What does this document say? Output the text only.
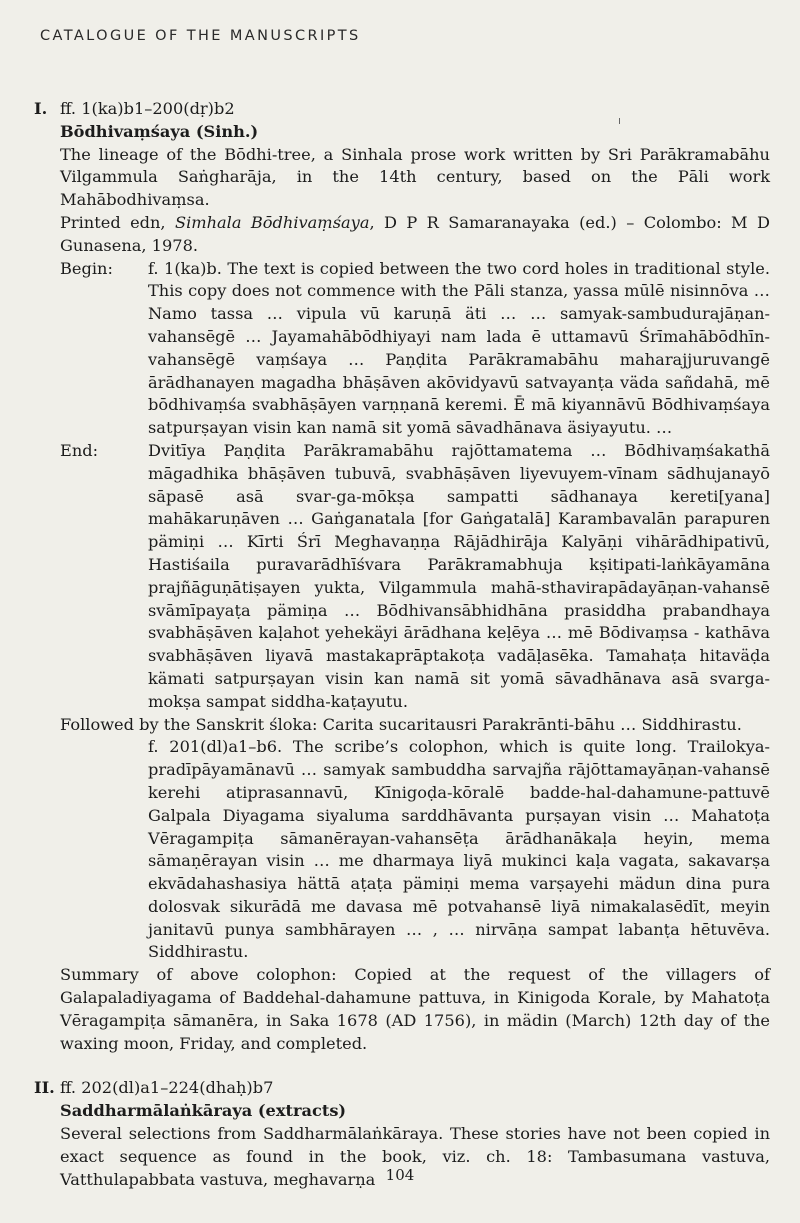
CATALOGUE OF THE MANUSCRIPTS

I. ff. 1(ka)b1–200(dṛ)b2

Bōdhivaṃśaya (Sinh.)

The lineage of the Bōdhi-tree, a Sinhala prose work written by Sri Parākramabāhu Vilgammula Saṅgharāja, in the 14th century, based on the Pāli work Mahābodhivaṃsa.

Printed edn, Simhala Bōdhivaṃśaya, D P R Samaranayaka (ed.) – Colombo: M D Gunasena, 1978.

Begin:	f. 1(ka)b. The text is copied between the two cord holes in traditional style. This copy does not commence with the Pāli stanza, yassa mūlē nisinnōva … Namo tassa … vipula vū karuṇā äti … … samyak-sambudurajāṇan-vahansēgē … Jayamahābōdhiyayi nam lada ē uttamavū Śrīmahābōdhīn-vahansēgē vaṃśaya … Paṇḍita Parākramabāhu maharajjuruvangē ārādhanayen magadha bhāṣāven akōvidyavū satvayanṭa väda sañdahā, mē bōdhivaṃśa svabhāṣāyen varṇṇanā keremi. Ē mā kiyannāvū Bōdhivaṃśaya satpurṣayan visin kan namā sit yomā sāvadhānava äsiyayutu. …
End:	Dvitīya Paṇḍita Parākramabāhu rajōttamatema … Bōdhivaṃśakathā māgadhika bhāṣāven tubuvā, svabhāṣāven liyevuyem-vīnam sādhujanayō sāpasē asā svar-ga-mōkṣa sampatti sādhanaya kereti[yana] mahākaruṇāven … Gaṅganatala [for Gaṅgatalā] Karambavalān parapuren pämiṇi … Kīrti Śrī Meghavaṇṇa Rājādhirāja Kalyāṇi vihārādhipativū, Hastiśaila puravarādhīśvara Parākramabhuja kṣitipati-laṅkāyamāna prajñāguṇātiṣayen yukta, Vilgammula mahā-sthavirapādayāṇan-vahansē svāmīpayaṭa pämiṇa … Bōdhivansābhidhāna prasiddha prabandhaya svabhāṣāven kaḷahot yehekäyi ārādhana keḷēya … mē Bōdivaṃsa - kathāva svabhāṣāven liyavā mastakaprāptakoṭa vadāḷasēka. Tamahaṭa hitaväḍa kämati satpurṣayan visin kan namā sit yomā sāvadhānava asā svarga-mokṣa sampat siddha-kaṭayutu.

Followed by the Sanskrit śloka: Carita sucaritausri Parakrānti-bāhu … Siddhirastu.

f. 201(dl)a1–b6. The scribe’s colophon, which is quite long. Trailokya-pradīpāyamānavū … samyak sambuddha sarvajña rājōttamayāṇan-vahansē kerehi atiprasannavū, Kīnigoḍa-kōralē badde-hal-dahamune-pattuvē Galpala Diyagama siyaluma sarddhāvanta purṣayan visin … Mahatoṭa Vēragampiṭa sāmanērayan-vahansēṭa ārādhanākaḷa heyin, mema sāmaṇērayan visin … me dharmaya liyā mukinci kaḷa vagata, sakavarṣa ekvādahashasiya hättā aṭaṭa pämiṇi mema varṣayehi mädun dina pura dolosvak sikurādā me davasa mē potvahansē liyā nimakalasēdīt, meyin janitavū punya sambhārayen … , … nirvāṇa sampat labanṭa hētuvēva. Siddhirastu.

Summary of above colophon: Copied at the request of the villagers of Galapaladiyagama of Baddehal-dahamune pattuva, in Kinigoda Korale, by Mahatoṭa Vēragampiṭa sāmanēra, in Saka 1678 (AD 1756), in mädin (March) 12th day of the waxing moon, Friday, and completed.

II. ff. 202(dl)a1–224(dhaḥ)b7

Saddharmālaṅkāraya (extracts)

Several selections from Saddharmālaṅkāraya. These stories have not been copied in exact sequence as found in the book, viz. ch. 18: Tambasumana vastuva, Vatthulapabbata vastuva, meghavarṇa 104
